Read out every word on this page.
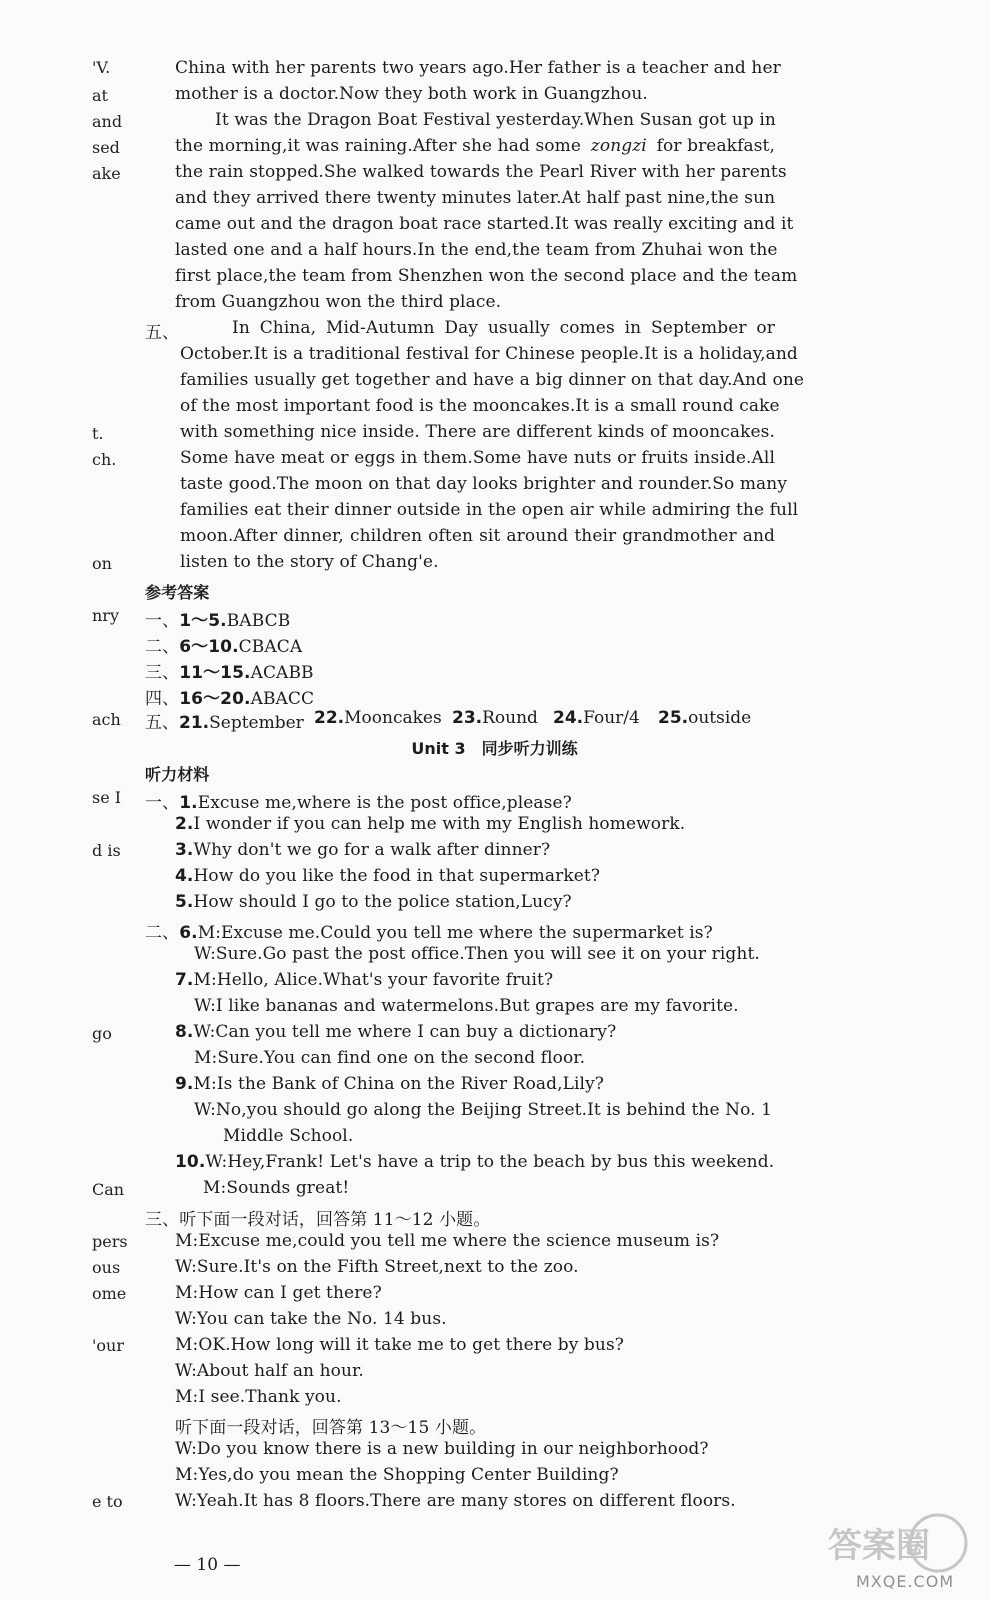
'V.
at
and
sed
ake
t.
ch.
on
nry
ach
se I
d is
go
Can
pers
ous
ome
'our
e to
China with her parents two years ago.Her father is a teacher and her
mother is a doctor.Now they both work in Guangzhou.
It was the Dragon Boat Festival yesterday.When Susan got up in
the morning,it was raining.After she had some zongzi for breakfast,
the rain stopped.She walked towards the Pearl River with her parents
and they arrived there twenty minutes later.At half past nine,the sun
came out and the dragon boat race started.It was really exciting and it
lasted one and a half hours.In the end,the team from Zhuhai won the
first place,the team from Shenzhen won the second place and the team
from Guangzhou won the third place.
五、	In China, Mid-Autumn Day usually comes in September or
October.It is a traditional festival for Chinese people.It is a holiday,and
families usually get together and have a big dinner on that day.And one
of the most important food is the mooncakes.It is a small round cake
with something nice inside. There are different kinds of mooncakes.
Some have meat or eggs in them.Some have nuts or fruits inside.All
taste good.The moon on that day looks brighter and rounder.So many
families eat their dinner outside in the open air while admiring the full
moon.After dinner, children often sit around their grandmother and
listen to the story of Chang'e.
参考答案
一、1～5.BABCB
二、6～10.CBACA
三、11～15.ACABB
四、16～20.ABACC
五、21.September 22.Mooncakes 23.Round 24.Four/4 25.outside
Unit 3　同步听力训练
听力材料
一、1.Excuse me,where is the post office,please?
2.I wonder if you can help me with my English homework.
3.Why don't we go for a walk after dinner?
4.How do you like the food in that supermarket?
5.How should I go to the police station,Lucy?
二、6.M:Excuse me.Could you tell me where the supermarket is?
W:Sure.Go past the post office.Then you will see it on your right.
7.M:Hello, Alice.What's your favorite fruit?
W:I like bananas and watermelons.But grapes are my favorite.
8.W:Can you tell me where I can buy a dictionary?
M:Sure.You can find one on the second floor.
9.M:Is the Bank of China on the River Road,Lily?
W:No,you should go along the Beijing Street.It is behind the No. 1
Middle School.
10.W:Hey,Frank! Let's have a trip to the beach by bus this weekend.
M:Sounds great!
三、听下面一段对话，回答第 11～12 小题。
M:Excuse me,could you tell me where the science museum is?
W:Sure.It's on the Fifth Street,next to the zoo.
M:How can I get there?
W:You can take the No. 14 bus.
M:OK.How long will it take me to get there by bus?
W:About half an hour.
M:I see.Thank you.
听下面一段对话，回答第 13～15 小题。
W:Do you know there is a new building in our neighborhood?
M:Yes,do you mean the Shopping Center Building?
W:Yeah.It has 8 floors.There are many stores on different floors.
— 10 —	答案圈
MXQE.COM
